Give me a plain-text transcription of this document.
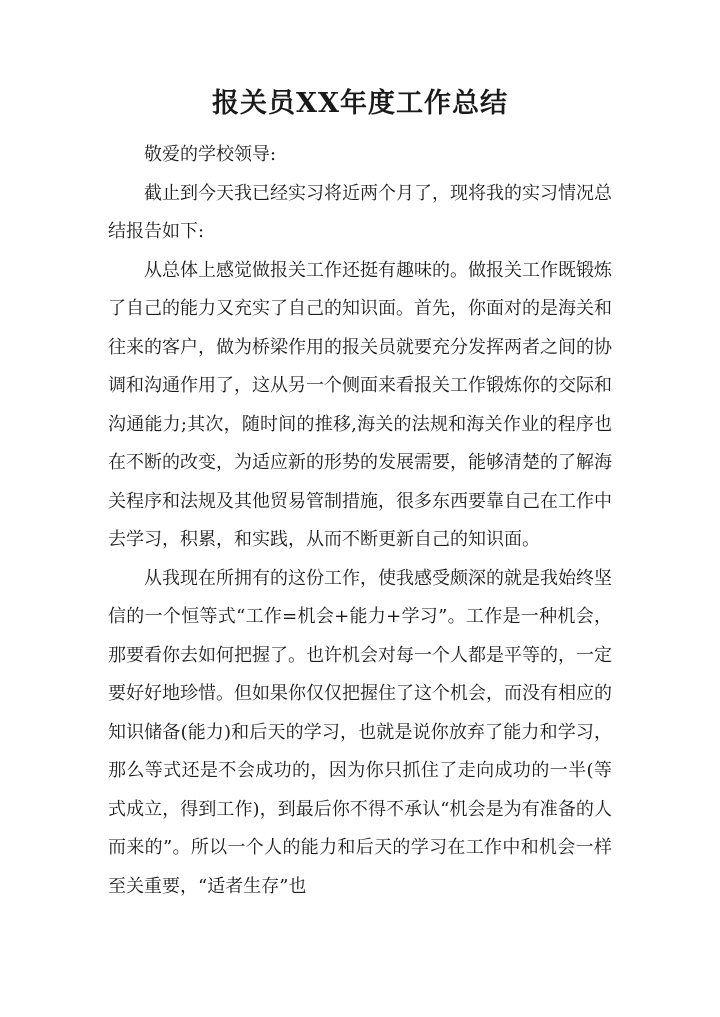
报关员XX年度工作总结

敬爱的学校领导:

截止到今天我已经实习将近两个月了，现将我的实习情况总结报告如下:

从总体上感觉做报关工作还挺有趣味的。做报关工作既锻炼了自己的能力又充实了自己的知识面。首先，你面对的是海关和往来的客户，做为桥梁作用的报关员就要充分发挥两者之间的协调和沟通作用了，这从另一个侧面来看报关工作锻炼你的交际和沟通能力;其次，随时间的推移,海关的法规和海关作业的程序也在不断的改变，为适应新的形势的发展需要，能够清楚的了解海关程序和法规及其他贸易管制措施，很多东西要靠自己在工作中去学习，积累，和实践，从而不断更新自己的知识面。

从我现在所拥有的这份工作，使我感受颇深的就是我始终坚信的一个恒等式“工作=机会+能力+学习”。工作是一种机会，那要看你去如何把握了。也许机会对每一个人都是平等的，一定要好好地珍惜。但如果你仅仅把握住了这个机会，而没有相应的知识储备(能力)和后天的学习，也就是说你放弃了能力和学习，那么等式还是不会成功的，因为你只抓住了走向成功的一半(等式成立，得到工作)，到最后你不得不承认“机会是为有准备的人而来的”。所以一个人的能力和后天的学习在工作中和机会一样至关重要，“适者生存”也
